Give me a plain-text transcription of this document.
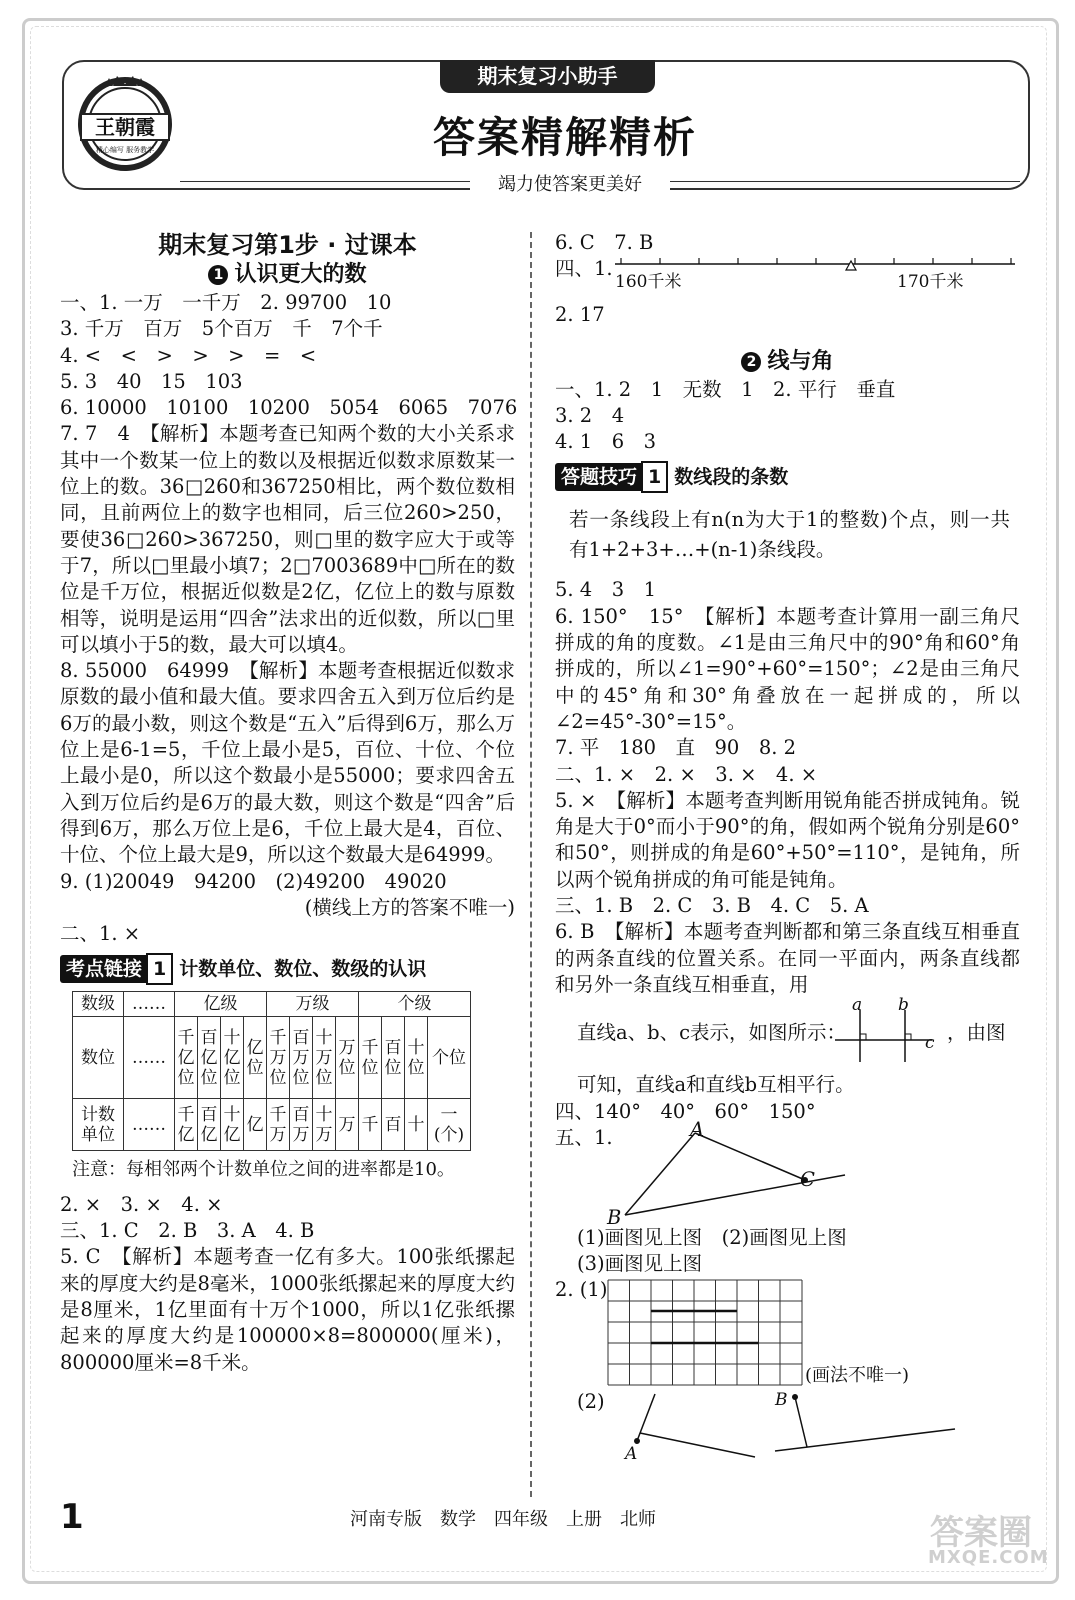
期末复习小助手
王朝霞
精心编写 服务教学	答案精解精析
竭力使答案更美好
期末复习第1步 · 过课本
1 认识更大的数
一、1. 一万　一千万　2. 99700　10
3. 千万　百万　5个百万　千　7个千
4. <　<　>　>　>　=　<
5. 3　40　15　103
6. 10000　10100　10200　5054　6065　7076
7. 7　4　【解析】本题考查已知两个数的大小关系求其中一个数某一位上的数以及根据近似数求原数某一位上的数。36□260和367250相比，两个数位数相同，且前两位上的数字也相同，后三位260>250，要使36□260>367250，则□里的数字应大于或等于7，所以□里最小填7；2□7003689中□所在的数位是千万位，根据近似数是2亿，亿位上的数与原数相等，说明是运用“四舍”法求出的近似数，所以□里可以填小于5的数，最大可以填4。
8. 55000　64999　【解析】本题考查根据近似数求原数的最小值和最大值。要求四舍五入到万位后约是6万的最小数，则这个数是“五入”后得到6万，那么万位上是6-1=5，千位上最小是5，百位、十位、个位上最小是0，所以这个数最小是55000；要求四舍五入到万位后约是6万的最大数，则这个数是“四舍”后得到6万，那么万位上是6，千位上最大是4，百位、十位、个位上最大是9，所以这个数最大是64999。
9. (1)20049　94200　(2)49200　49020
(横线上方的答案不唯一)
二、1. ×
考点链接 1 计数单位、数位、数级的认识
数级	……	亿级				万级				个级			
数位	……	千亿位	百亿位	十亿位	亿位	千万位	百万位	十万位	万位	千位	百位	十位	个位
计数单位	……	千亿	百亿	十亿	亿	千万	百万	十万	万	千	百	十	一(个)
注意：每相邻两个计数单位之间的进率都是10。
2. ×　3. ×　4. ×
三、1. C　2. B　3. A　4. B
5. C　【解析】本题考查一亿有多大。100张纸摞起来的厚度大约是8毫米，1000张纸摞起来的厚度大约是8厘米，1亿里面有十万个1000，所以1亿张纸摞起来的厚度大约是100000×8=800000(厘米)，800000厘米=8千米。
6. C　7. B
四、1.
160千米	170千米
2. 17
2 线与角
一、1. 2　1　无数　1　2. 平行　垂直
3. 2　4
4. 1　6　3
答题技巧 1 数线段的条数
若一条线段上有n(n为大于1的整数)个点，则一共有1+2+3+…+(n-1)条线段。
5. 4　3　1
6. 150°　15°　【解析】本题考查计算用一副三角尺拼成的角的度数。∠1是由三角尺中的90°角和60°角拼成的，所以∠1=90°+60°=150°；∠2是由三角尺中的45°角和30°角叠放在一起拼成的，所以∠2=45°-30°=15°。
7. 平　180　直　90　8. 2
二、1. ×　2. ×　3. ×　4. ×
5. ×　【解析】本题考查判断用锐角能否拼成钝角。锐角是大于0°而小于90°的角，假如两个锐角分别是60°和50°，则拼成的角是60°+50°=110°，是钝角，所以两个锐角拼成的角可能是钝角。
三、1. B　2. C　3. B　4. C　5. A
6. B　【解析】本题考查判断都和第三条直线互相垂直的两条直线的位置关系。在同一平面内，两条直线都和另外一条直线互相垂直，用
直线a、b、c表示，如图所示：
a b
c ，由图
可知，直线a和直线b互相平行。
四、140°　40°　60°　150°
五、1.	A
B
C
(1)画图见上图　(2)画图见上图
(3)画图见上图
2. (1)
(画法不唯一)
(2)
A
B
1	河南专版　数学　四年级　上册　北师	答案圈
MXQE.COM
